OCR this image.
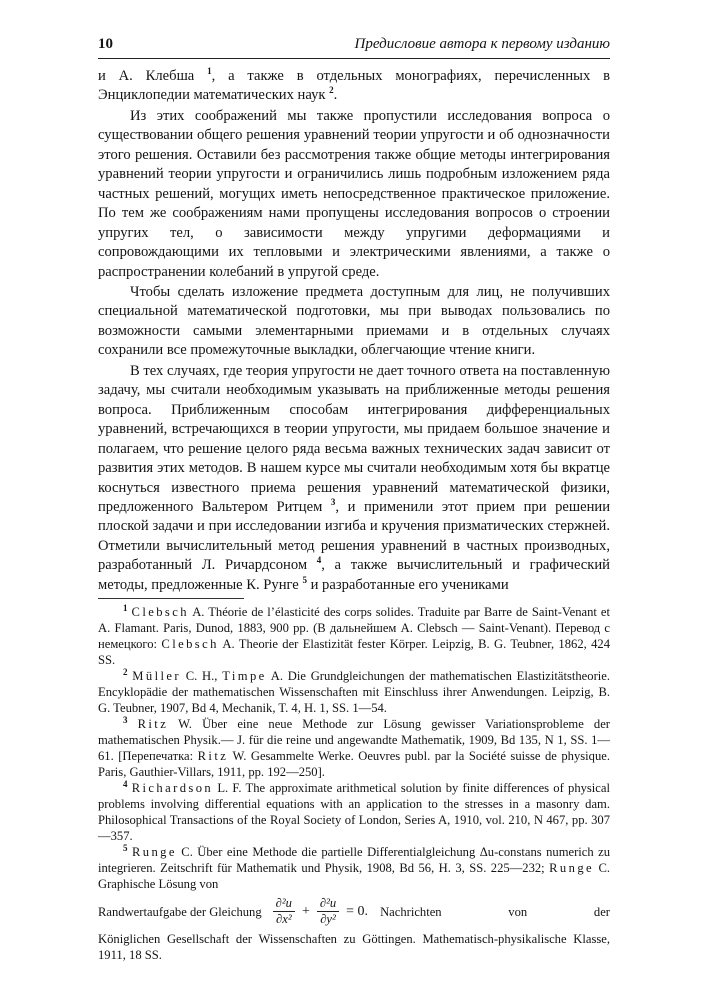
10	Предисловие автора к первому изданию

и А. Клебша $^1$, а также в отдельных монографиях, перечисленных в Энциклопедии математических наук $^2$.

Из этих соображений мы также пропустили исследования вопроса о существовании общего решения уравнений теории упругости и об однозначности этого решения. Оставили без рассмотрения также общие методы интегрирования уравнений теории упругости и ограничились лишь подробным изложением ряда частных решений, могущих иметь непосредственное практическое приложение. По тем же соображениям нами пропущены исследования вопросов о строении упругих тел, о зависимости между упругими деформациями и сопровождающими их тепловыми и электрическими явлениями, а также о распространении колебаний в упругой среде.

Чтобы сделать изложение предмета доступным для лиц, не получивших специальной математической подготовки, мы при выводах пользовались по возможности самыми элементарными приемами и в отдельных случаях сохранили все промежуточные выкладки, облегчающие чтение книги.

В тех случаях, где теория упругости не дает точного ответа на поставленную задачу, мы считали необходимым указывать на приближенные методы решения вопроса. Приближенным способам интегрирования дифференциальных уравнений, встречающихся в теории упругости, мы придаем большое значение и полагаем, что решение целого ряда весьма важных технических задач зависит от развития этих методов. В нашем курсе мы считали необходимым хотя бы вкратце коснуться известного приема решения уравнений математической физики, предложенного Вальтером Ритцем $^3$, и применили этот прием при решении плоской задачи и при исследовании изгиба и кручения призматических стержней. Отметили вычислительный метод решения уравнений в частных производных, разработанный Л. Ричардсоном $^4$, а также вычислительный и графический методы, предложенные К. Рунге $^5$ и разработанные его учениками

$^1$ Clebsch A. Théorie de l’élasticité des corps solides. Traduite par Barre de Saint-Venant et A. Flamant. Paris, Dunod, 1883, 900 pp. (В дальнейшем A. Clebsch — Saint-Venant). Перевод с немецкого: Clebsch A. Theorie der Elastizität fester Körper. Leipzig, B. G. Teubner, 1862, 424 SS.

$^2$ Müller C. H., Timpe A. Die Grundgleichungen der mathematischen Elastizitätstheorie. Encyklopädie der mathematischen Wissenschaften mit Einschluss ihrer Anwendungen. Leipzig, B. G. Teubner, 1907, Bd 4, Mechanik, T. 4, H. 1, SS. 1—54.

$^3$ Ritz W. Über eine neue Methode zur Lösung gewisser Variationsprobleme der mathematischen Physik.— J. für die reine und angewandte Mathematik, 1909, Bd 135, N 1, SS. 1—61. [Перепечатка: Ritz W. Gesammelte Werke. Oeuvres publ. par la Société suisse de physique. Paris, Gauthier-Villars, 1911, pp. 192—250].

$^4$ Richardson L. F. The approximate arithmetical solution by finite differences of physical problems involving differential equations with an application to the stresses in a masonry dam. Philosophical Transactions of the Royal Society of London, Series A, 1910, vol. 210, N 467, pp. 307—357.

$^5$ Runge C. Über eine Methode die partielle Differentialgleichung Δu-constans numerich zu integrieren. Zeitschrift für Mathematik und Physik, 1908, Bd 56, H. 3, SS. 225—232; Runge C. Graphische Lösung von

Randwertaufgabe der Gleichung $\frac{\text{∂²u}}{\text{∂x²}} + \frac{\text{∂²u}}{\text{∂y²}} = 0$. Nachrichten von der

Königlichen Gesellschaft der Wissenschaften zu Göttingen. Mathematisch-physikalische Klasse, 1911, 18 SS.
